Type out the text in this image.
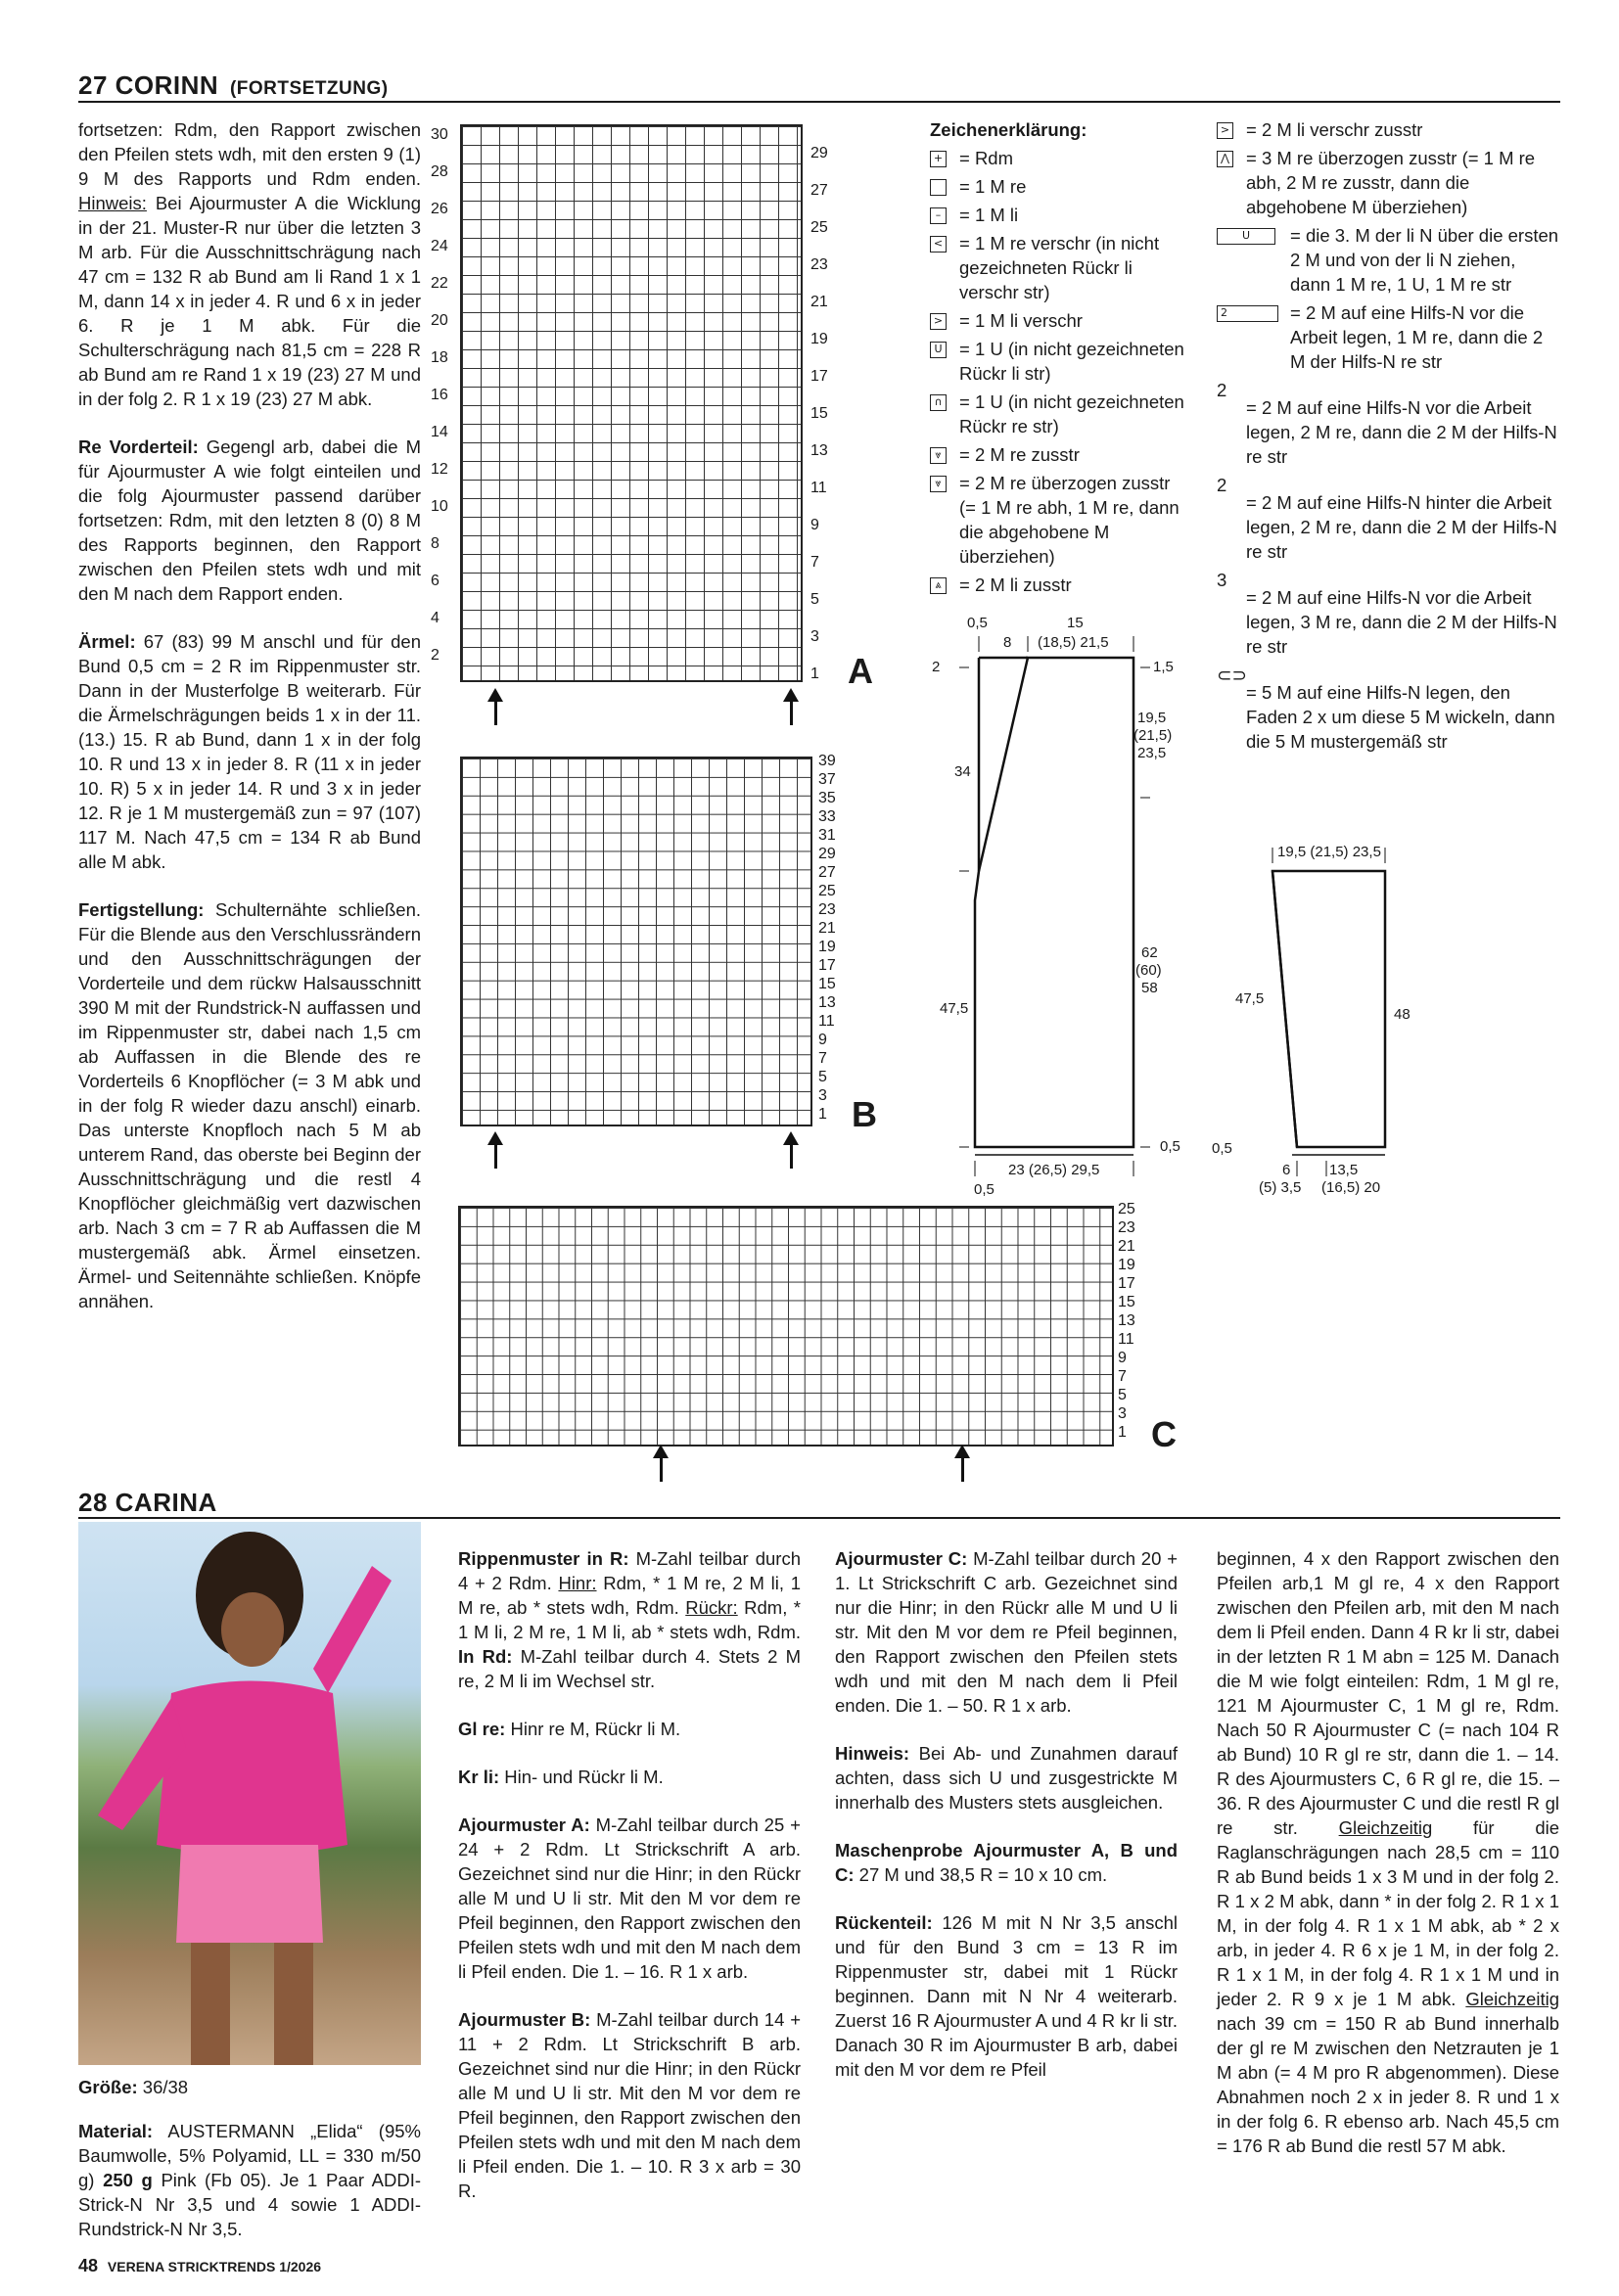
27 CORINN (FORTSETZUNG)

fortsetzen: Rdm, den Rapport zwischen den Pfeilen stets wdh, mit den ersten 9 (1) 9 M des Rapports und Rdm enden. Hinweis: Bei Ajourmuster A die Wicklung in der 21. Muster-R nur über die letzten 3 M arb. Für die Ausschnittschrägung nach 47 cm = 132 R ab Bund am li Rand 1 x 1 M, dann 14 x in jeder 4. R und 6 x in jeder 6. R je 1 M abk. Für die Schulterschrägung nach 81,5 cm = 228 R ab Bund am re Rand 1 x 19 (23) 27 M und in der folg 2. R 1 x 19 (23) 27 M abk.

Re Vorderteil: Gegengl arb, dabei die M für Ajourmuster A wie folgt einteilen und die folg Ajourmuster passend darüber fortsetzen: Rdm, mit den letzten 8 (0) 8 M des Rapports beginnen, den Rapport zwischen den Pfeilen stets wdh und mit den M nach dem Rapport enden.

Ärmel: 67 (83) 99 M anschl und für den Bund 0,5 cm = 2 R im Rippenmuster str. Dann in der Musterfolge B weiterarb. Für die Ärmelschrägungen beids 1 x in der 11. (13.) 15. R ab Bund, dann 1 x in der folg 10. R und 13 x in jeder 8. R (11 x in jeder 10. R) 5 x in jeder 14. R und 3 x in jeder 12. R je 1 M mustergemäß zun = 97 (107) 117 M. Nach 47,5 cm = 134 R ab Bund alle M abk.

Fertigstellung: Schulternähte schließen. Für die Blende aus den Verschlussrändern und den Ausschnittschrägungen der Vorderteile und dem rückw Halsausschnitt 390 M mit der Rundstrick-N auffassen und im Rippenmuster str, dabei nach 1,5 cm ab Auffassen in die Blende des re Vorderteils 6 Knopflöcher (= 3 M abk und in der folg R wieder dazu anschl) einarb. Das unterste Knopfloch nach 5 M ab unterem Rand, das oberste bei Beginn der Ausschnittschrägung und die restl 4 Knopflöcher gleichmäßig vert dazwischen arb. Nach 3 cm = 7 R ab Auffassen die M mustergemäß abk. Ärmel einsetzen. Ärmel- und Seitennähte schließen. Knöpfe annähen.

30
28
26
24
22
20
18
16
14
12
10
8
6
4
2
29
27
25
23
21
19
17
15
13
11
9
7
5
3
1 A
39
37
35
33
31
29
27
25
23
21
19
17
15
13
11
9
7
5
3
1 B
25
23
21
19
17
15
13
11
9
7
5
3
1 C
Zeichenerklärung:
+ = Rdm
= 1 M re
–	= 1 M li
< = 1 M re verschr (in nicht gezeichneten Rückr li verschr str)
> = 1 M li verschr
U = 1 U (in nicht gezeichneten Rückr li str)
∩ = 1 U (in nicht gezeichneten Rückr re str)
⩔ = 2 M re zusstr
⩔ = 2 M re überzogen zusstr (= 1 M re abh, 1 M re, dann die abgehobene M überziehen)
⩓ = 2 M li zusstr
> = 2 M li verschr zusstr
⋀ = 3 M re überzogen zusstr (= 1 M re abh, 2 M re zusstr, dann die abgehobene M überziehen)
U	= die 3. M der li N über die ersten 2 M und von der li N ziehen, dann 1 M re, 1 U, 1 M re str
2	= 2 M auf eine Hilfs-N vor die Arbeit legen, 1 M re, dann die 2 M der Hilfs-N re str
2
= 2 M auf eine Hilfs-N vor die Arbeit legen, 2 M re, dann die 2 M der Hilfs-N re str
2
= 2 M auf eine Hilfs-N hinter die Arbeit legen, 2 M re, dann die 2 M der Hilfs-N re str
3
= 2 M auf eine Hilfs-N vor die Arbeit legen, 3 M re, dann die 2 M der Hilfs-N re str
⊂⊃
= 5 M auf eine Hilfs-N legen, den Faden 2 x um diese 5 M wickeln, dann die 5 M mustergemäß str
0,5
8
15
(18,5) 21,5
2	1,5
19,5
(21,5)
23,5
34
62
(60)
58
47,5
0,5
23 (26,5) 29,5
0,5
19,5 (21,5) 23,5
47,5
48
0,5
6
(5) 3,5
13,5
(16,5) 20
28 CARINA

Größe: 36/38

Material: AUSTERMANN „Elida“ (95% Baumwolle, 5% Polyamid, LL = 330 m/50 g) 250 g Pink (Fb 05). Je 1 Paar ADDI-Strick-N Nr 3,5 und 4 sowie 1 ADDI-Rundstrick-N Nr 3,5.

Rippenmuster in R: M-Zahl teilbar durch 4 + 2 Rdm. Hinr: Rdm, * 1 M re, 2 M li, 1 M re, ab * stets wdh, Rdm. Rückr: Rdm, * 1 M li, 2 M re, 1 M li, ab * stets wdh, Rdm. In Rd: M-Zahl teilbar durch 4. Stets 2 M re, 2 M li im Wechsel str.

Gl re: Hinr re M, Rückr li M.

Kr li: Hin- und Rückr li M.

Ajourmuster A: M-Zahl teilbar durch 25 + 24 + 2 Rdm. Lt Strickschrift A arb. Gezeichnet sind nur die Hinr; in den Rückr alle M und U li str. Mit den M vor dem re Pfeil beginnen, den Rapport zwischen den Pfeilen stets wdh und mit den M nach dem li Pfeil enden. Die 1. – 16. R 1 x arb.

Ajourmuster B: M-Zahl teilbar durch 14 + 11 + 2 Rdm. Lt Strickschrift B arb. Gezeichnet sind nur die Hinr; in den Rückr alle M und U li str. Mit den M vor dem re Pfeil beginnen, den Rapport zwischen den Pfeilen stets wdh und mit den M nach dem li Pfeil enden. Die 1. – 10. R 3 x arb = 30 R.

Ajourmuster C: M-Zahl teilbar durch 20 + 1. Lt Strickschrift C arb. Gezeichnet sind nur die Hinr; in den Rückr alle M und U li str. Mit den M vor dem re Pfeil beginnen, den Rapport zwischen den Pfeilen stets wdh und mit den M nach dem li Pfeil enden. Die 1. – 50. R 1 x arb.

Hinweis: Bei Ab- und Zunahmen darauf achten, dass sich U und zusgestrickte M innerhalb des Musters stets ausgleichen.

Maschenprobe Ajourmuster A, B und C: 27 M und 38,5 R = 10 x 10 cm.

Rückenteil: 126 M mit N Nr 3,5 anschl und für den Bund 3 cm = 13 R im Rippenmuster str, dabei mit 1 Rückr beginnen. Dann mit N Nr 4 weiterarb. Zuerst 16 R Ajourmuster A und 4 R kr li str. Danach 30 R im Ajourmuster B arb, dabei mit den M vor dem re Pfeil

beginnen, 4 x den Rapport zwischen den Pfeilen arb,1 M gl re, 4 x den Rapport zwischen den Pfeilen arb, mit den M nach dem li Pfeil enden. Dann 4 R kr li str, dabei in der letzten R 1 M abn = 125 M. Danach die M wie folgt einteilen: Rdm, 1 M gl re, 121 M Ajourmuster C, 1 M gl re, Rdm. Nach 50 R Ajourmuster C (= nach 104 R ab Bund) 10 R gl re str, dann die 1. – 14. R des Ajourmusters C, 6 R gl re, die 15. – 36. R des Ajourmuster C und die restl R gl re str. Gleichzeitig für die Raglanschrägungen nach 28,5 cm = 110 R ab Bund beids 1 x 3 M und in der folg 2. R 1 x 2 M abk, dann * in der folg 2. R 1 x 1 M, in der folg 4. R 1 x 1 M abk, ab * 2 x arb, in jeder 4. R 6 x je 1 M, in der folg 2. R 1 x 1 M, in der folg 4. R 1 x 1 M und in jeder 2. R 9 x je 1 M abk. Gleichzeitig nach 39 cm = 150 R ab Bund innerhalb der gl re M zwischen den Netzrauten je 1 M abn (= 4 M pro R abgenommen). Diese Abnahmen noch 2 x in jeder 8. R und 1 x in der folg 6. R ebenso arb. Nach 45,5 cm = 176 R ab Bund die restl 57 M abk.

48 VERENA STRICKTRENDS 1/2026
